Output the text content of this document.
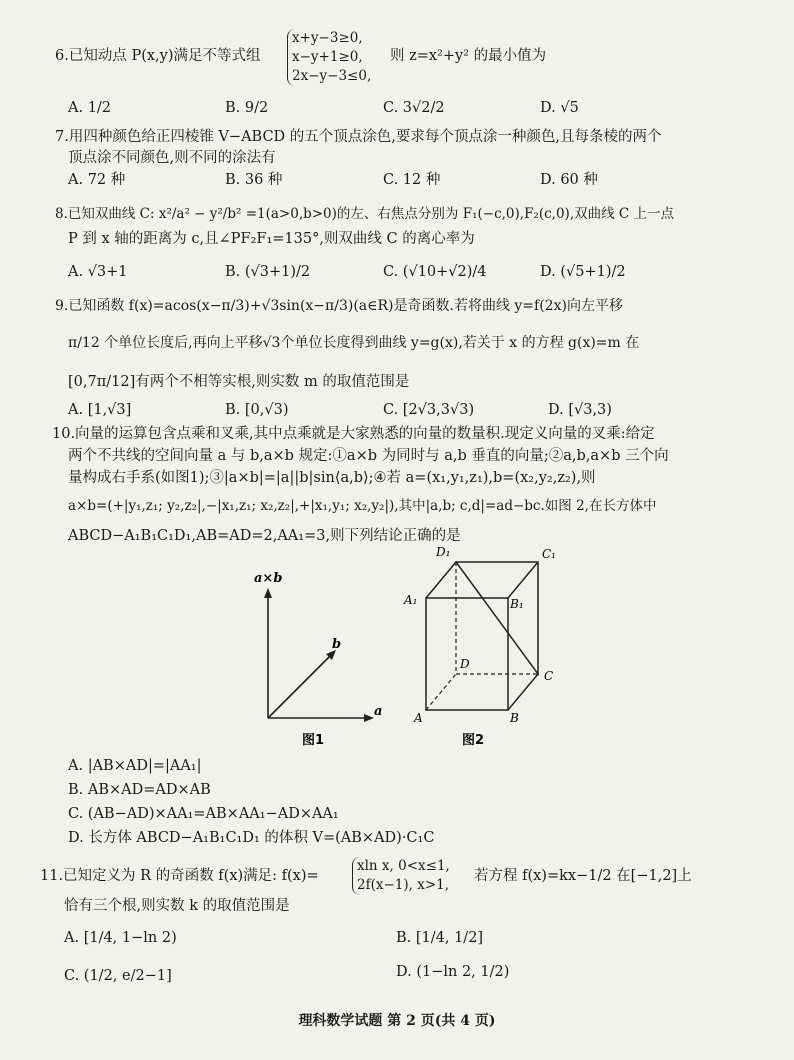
6.已知动点 P(x,y)满足不等式组
x+y−3≥0,
x−y+1≥0,
2x−y−3≤0,
则 z=x²+y² 的最小值为
A. 1/2	B. 9/2	C. 3√2/2	D. √5
7.用四种颜色给正四棱锥 V−ABCD 的五个顶点涂色,要求每个顶点涂一种颜色,且每条棱的两个
顶点涂不同颜色,则不同的涂法有
A. 72 种	B. 36 种	C. 12 种	D. 60 种
8.已知双曲线 C: x²/a² − y²/b² =1(a>0,b>0)的左、右焦点分别为 F₁(−c,0),F₂(c,0),双曲线 C 上一点
P 到 x 轴的距离为 c,且∠PF₂F₁=135°,则双曲线 C 的离心率为
A. √3+1	B. (√3+1)/2	C. (√10+√2)/4	D. (√5+1)/2
9.已知函数 f(x)=acos(x−π/3)+√3sin(x−π/3)(a∈R)是奇函数.若将曲线 y=f(2x)向左平移
π/12 个单位长度后,再向上平移√3个单位长度得到曲线 y=g(x),若关于 x 的方程 g(x)=m 在
[0,7π/12]有两个不相等实根,则实数 m 的取值范围是
A. [1,√3]	B. [0,√3)	C. [2√3,3√3)	D. [√3,3)
10.向量的运算包含点乘和叉乘,其中点乘就是大家熟悉的向量的数量积.现定义向量的叉乘:给定
两个不共线的空间向量 a 与 b,a×b 规定:①a×b 为同时与 a,b 垂直的向量;②a,b,a×b 三个向
量构成右手系(如图1);③|a×b|=|a||b|sin⟨a,b⟩;④若 a=(x₁,y₁,z₁),b=(x₂,y₂,z₂),则
a×b=(+|y₁,z₁; y₂,z₂|,−|x₁,z₁; x₂,z₂|,+|x₁,y₁; x₂,y₂|),其中|a,b; c,d|=ad−bc.如图 2,在长方体中
ABCD−A₁B₁C₁D₁,AB=AD=2,AA₁=3,则下列结论正确的是
a×b
b
a
图1
D₁	C₁
A₁	B₁
D
C
A	B
图2
A. |AB×AD|=|AA₁|
B. AB×AD=AD×AB
C. (AB−AD)×AA₁=AB×AA₁−AD×AA₁
D. 长方体 ABCD−A₁B₁C₁D₁ 的体积 V=(AB×AD)·C₁C
11.已知定义为 R 的奇函数 f(x)满足: f(x)=
xln x, 0<x≤1,
2f(x−1), x>1,
若方程 f(x)=kx−1/2 在[−1,2]上
恰有三个根,则实数 k 的取值范围是
A. [1/4, 1−ln 2)	B. [1/4, 1/2]
C. (1/2, e/2−1]	D. (1−ln 2, 1/2)
理科数学试题 第 2 页(共 4 页)
